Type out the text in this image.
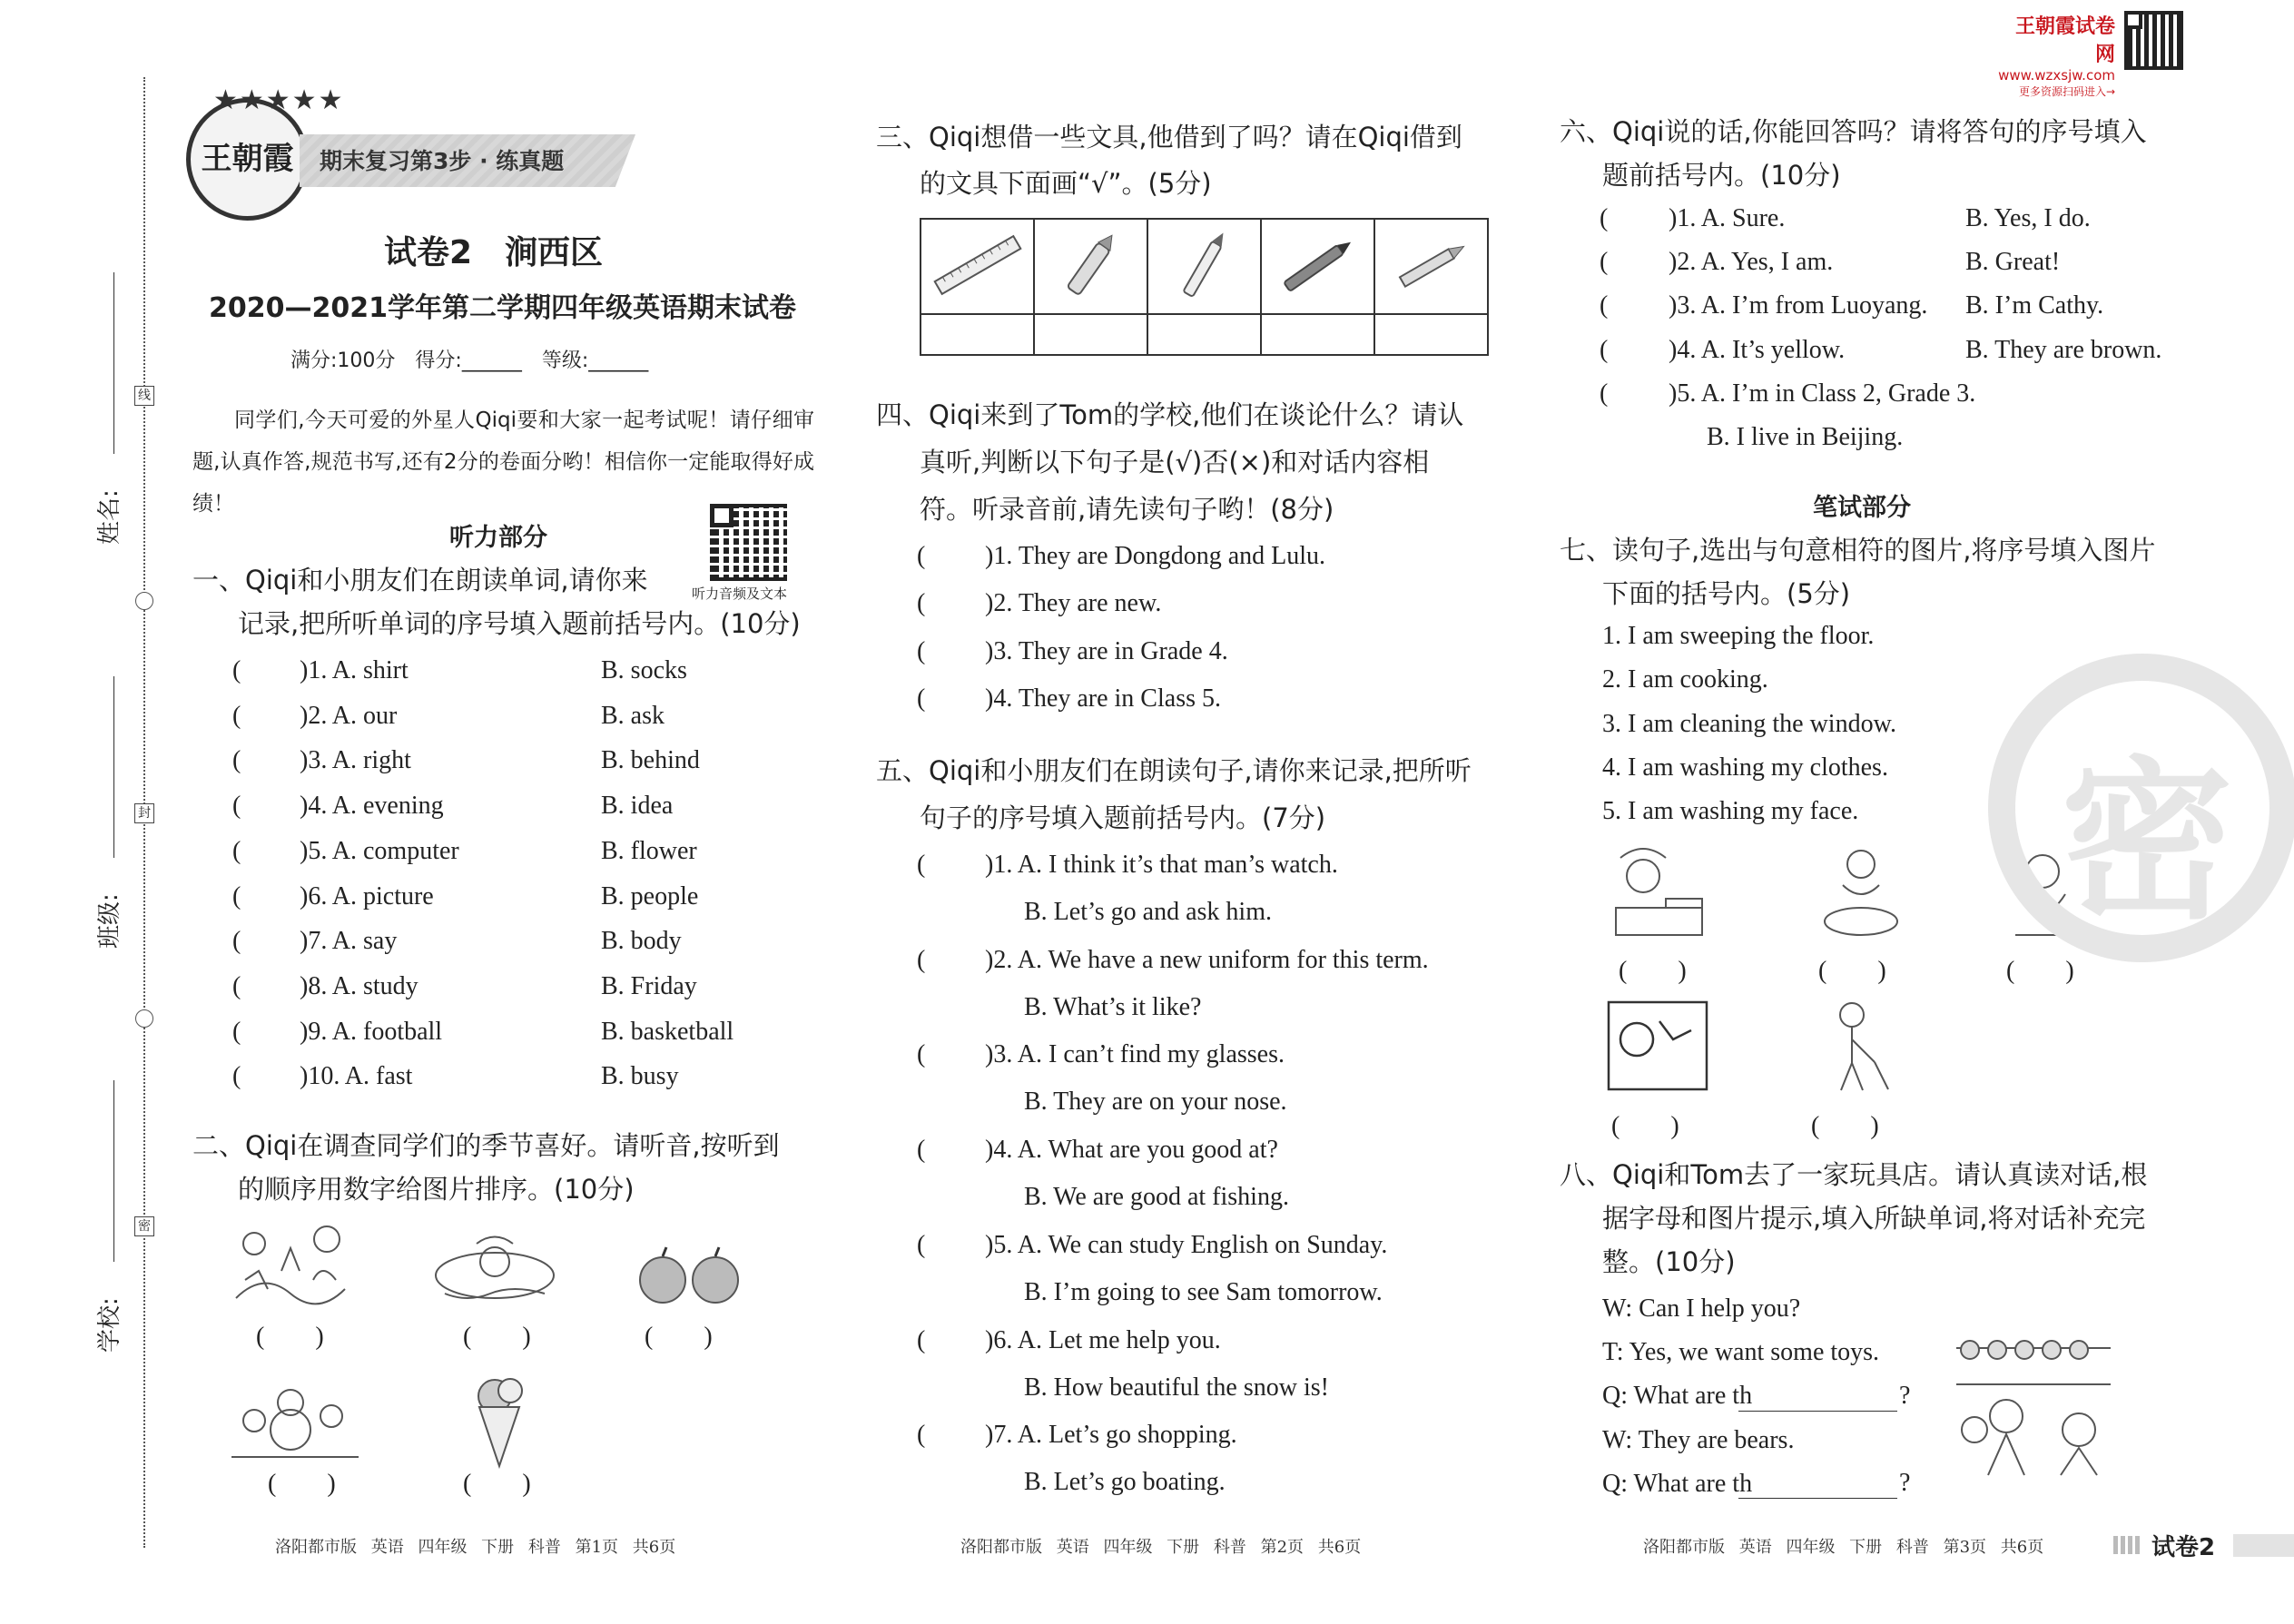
姓名:
线
班级:
封
学校:
密
★★★★★
王朝霞	期末复习第3步 · 练真题
试卷2　涧西区
2020—2021学年第二学期四年级英语期末试卷
满分:100分　得分:______　等级:______
同学们,今天可爱的外星人Qiqi要和大家一起考试呢！请仔细审题,认真作答,规范书写,还有2分的卷面分哟！相信你一定能取得好成绩！
听力部分
听力音频及文本
一、Qiqi和小朋友们在朗读单词,请你来
记录,把所听单词的序号填入题前括号内。(10分)
( )1. A. shirt	B. socks
( )2. A. our	B. ask
( )3. A. right	B. behind
( )4. A. evening	B. idea
( )5. A. computer	B. flower
( )6. A. picture	B. people
( )7. A. say	B. body
( )8. A. study	B. Friday
( )9. A. football	B. basketball
( )10. A. fast	B. busy
二、Qiqi在调查同学们的季节喜好。请听音,按听到
的顺序用数字给图片排序。(10分)
(　　)	(　　)	(　　)
(　　)	(　　)
洛阳都市版 英语 四年级 下册 科普 第1页 共6页
三、Qiqi想借一些文具,他借到了吗？请在Qiqi借到
的文具下面画“√”。(5分)

四、Qiqi来到了Tom的学校,他们在谈论什么？请认
真听,判断以下句子是(√)否(×)和对话内容相
符。听录音前,请先读句子哟！(8分)
( )1. They are Dongdong and Lulu.
( )2. They are new.
( )3. They are in Grade 4.
( )4. They are in Class 5.
五、Qiqi和小朋友们在朗读句子,请你来记录,把所听
句子的序号填入题前括号内。(7分)
( )1. A. I think it’s that man’s watch.
B. Let’s go and ask him.
( )2. A. We have a new uniform for this term.
B. What’s it like?
( )3. A. I can’t find my glasses.
B. They are on your nose.
( )4. A. What are you good at?
B. We are good at fishing.
( )5. A. We can study English on Sunday.
B. I’m going to see Sam tomorrow.
( )6. A. Let me help you.
B. How beautiful the snow is!
( )7. A. Let’s go shopping.
B. Let’s go boating.
洛阳都市版 英语 四年级 下册 科普 第2页 共6页
王朝霞试卷网
www.wzxsjw.com
更多资源扫码进入→
六、Qiqi说的话,你能回答吗？请将答句的序号填入
题前括号内。(10分)
( )1. A. Sure.	B. Yes, I do.
( )2. A. Yes, I am.	B. Great!
( )3. A. I’m from Luoyang. B. I’m Cathy.
( )4. A. It’s yellow.	B. They are brown.
( )5. A. I’m in Class 2, Grade 3.
B. I live in Beijing.
笔试部分
七、读句子,选出与句意相符的图片,将序号填入图片
下面的括号内。(5分)
1. I am sweeping the floor.
2. I am cooking.
3. I am cleaning the window.
4. I am washing my clothes.
5. I am washing my face.
(　　)	(　　)	(　　)
(　　)	(　　)
八、Qiqi和Tom去了一家玩具店。请认真读对话,根
据字母和图片提示,填入所缺单词,将对话补充完
整。(10分)
W: Can I help you?
T: Yes, we want some toys.
Q: What are th
W: They are bears.
Q: What are th
?
?
密
洛阳都市版 英语 四年级 下册 科普 第3页 共6页	试卷2
